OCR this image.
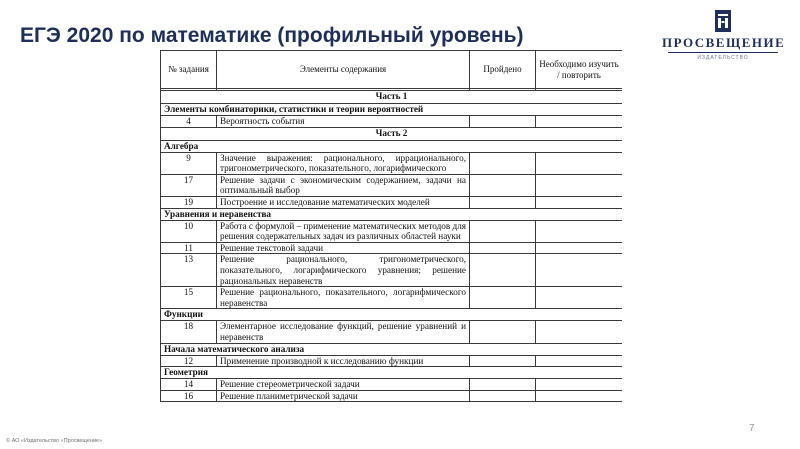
ЕГЭ 2020 по математике (профильный уровень)	ПРОСВЕЩЕНИЕ
ИЗДАТЕЛЬСТВО
№ задания	Элементы содержания	Пройдено	Необходимо изучить / повторить

Часть 1			
Элементы комбинаторики, статистики и теории вероятностей			
4	Вероятность события		
Часть 2			
Алгебра			
9	Значение выражения: рационального, иррационального, тригонометрического, показательного, логарифмического		
17	Решение задачи с экономическим содержанием, задачи на оптимальный выбор		
19	Построение и исследование математических моделей		
Уравнения и неравенства			
10	Работа с формулой – применение математических методов для решения содержательных задач из различных областей науки		
11	Решение текстовой задачи		
13	Решение рационального, тригонометрического, показательного, логарифмического уравнения; решение рациональных неравенств		
15	Решение рационального, показательного, логарифмического неравенства		
Функции			
18	Элементарное исследование функций, решение уравнений и неравенств		
Начала математического анализа			
12	Применение производной к исследованию функции		
Геометрия			
14	Решение стереометрической задачи		
16	Решение планиметрической задачи		
7
© АО «Издательство «Просвещение»
